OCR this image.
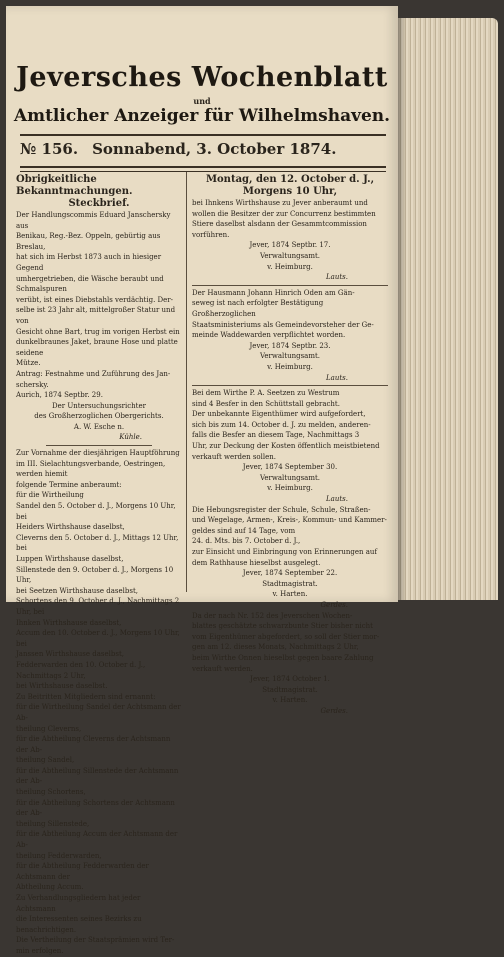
Jeversches Wochenblatt
und
Amtlicher Anzeiger für Wilhelmshaven.
№ 156. Sonnabend, 3. October 1874.

Obrigkeitliche Bekanntmachungen.

Steckbrief.

Der Handlungscommis Eduard Janschersky aus

Benikau, Reg.-Bez. Oppeln, gebürtig aus Breslau,

hat sich im Herbst 1873 auch in hiesiger Gegend

umhergetrieben, die Wäsche beraubt und Schmalspuren

verübt, ist eines Diebstahls verdächtig. Der-

selbe ist 23 Jahr alt, mittelgroßer Statur und von

Gesicht ohne Bart, trug im vorigen Herbst ein

dunkelbraunes Jaket, braune Hose und platte seidene

Mütze.

Antrag: Festnahme und Zuführung des Jan-

schersky.

Aurich, 1874 Septbr. 29.

Der Untersuchungsrichter

des Großherzoglichen Obergerichts.

A. W. Esche n.

Kühle.

Zur Vornahme der diesjährigen Hauptföhrung

im III. Sielachtungsverbande, Oestringen, werden hiemit

folgende Termine anberaumt:

für die Wirtheilung

Sandel den 5. October d. J., Morgens 10 Uhr, bei

Heiders Wirthshause daselbst,

Cleverns den 5. October d. J., Mittags 12 Uhr, bei

Luppen Wirthshause daselbst,

Sillenstede den 9. October d. J., Morgens 10 Uhr,

bei Seetzen Wirthshause daselbst,

Schortens den 9. October d. J., Nachmittags 2 Uhr, bei

Ihnken Wirthshause daselbst,

Accum den 10. October d. J., Morgens 10 Uhr, bei

Janssen Wirthshause daselbst,

Fedderwarden den 10. October d. J., Nachmittags 2 Uhr,

bei Wirthshause daselbst.

Zu Beitritten Mitgliedern sind ernannt:

für die Wirtheilung Sandel der Achtsmann der Ab-

theilung Cleverns,

für die Abtheilung Cleverns der Achtsmann der Ab-

theilung Sandel,

für die Abtheilung Sillenstede der Achtsmann der Ab-

theilung Schortens,

für die Abtheilung Schortens der Achtsmann der Ab-

theilung Sillenstede,

für die Abtheilung Accum der Achtsmann der Ab-

theilung Fedderwarden,

für die Abtheilung Fedderwarden der Achtsmann der

Abtheilung Accum.

Zu Verhandlungsgliedern hat jeder Achtsmann

die Interessenten seines Bezirks zu benachrichtigen.

Die Vertheilung der Staatsprämien wird Ter-

min erfolgen.

Montag, den 12. October d. J.,

Morgens 10 Uhr,

bei Ihnkens Wirthshause zu Jever anberaumt und

wollen die Besitzer der zur Concurrenz bestimmten

Stiere daselbst alsdann der Gesammtcommission

vorführen.

Jever, 1874 Septbr. 17.

Verwaltungsamt.

v. Heimburg.

Lauts.

Der Hausmann Johann Hinrich Oden am Gän-

seweg ist nach erfolgter Bestätigung Großherzoglichen

Staatsministeriums als Gemeindevorsteher der Ge-

meinde Waddewarden verpflichtet worden.

Jever, 1874 Septbr. 23.

Verwaltungsamt.

v. Heimburg.

Lauts.

Bei dem Wirthe P. A. Seetzen zu Westrum

sind 4 Besfer in den Schüttstall gebracht.

Der unbekannte Eigenthümer wird aufgefordert,

sich bis zum 14. October d. J. zu melden, anderen-

falls die Besfer an diesem Tage, Nachmittags 3

Uhr, zur Deckung der Kosten öffentlich meistbietend

verkauft werden sollen.

Jever, 1874 September 30.

Verwaltungsamt.

v. Heimburg.

Lauts.

Die Hebungsregister der Schule, Schule, Straßen-

und Wegelage, Armen-, Kreis-, Kommun- und Kammer-

geldes sind auf 14 Tage, vom

24. d. Mts. bis 7. October d. J.,

zur Einsicht und Einbringung von Erinnerungen auf

dem Rathhause hieselbst ausgelegt.

Jever, 1874 September 22.

Stadtmagistrat.

v. Harten.

Gerdes.

Da der nach Nr. 152 des Jeverschen Wochen-

blattes geschätzte schwarzbunte Stier bisher nicht

vom Eigenthümer abgefordert, so soll der Stier mor-

gen am 12. dieses Monats, Nachmittags 2 Uhr,

beim Wirthe Onnen hieselbst gegen baare Zahlung

verkauft werden.

Jever, 1874 October 1.

Stadtmagistrat.

v. Harten.

Gerdes.
